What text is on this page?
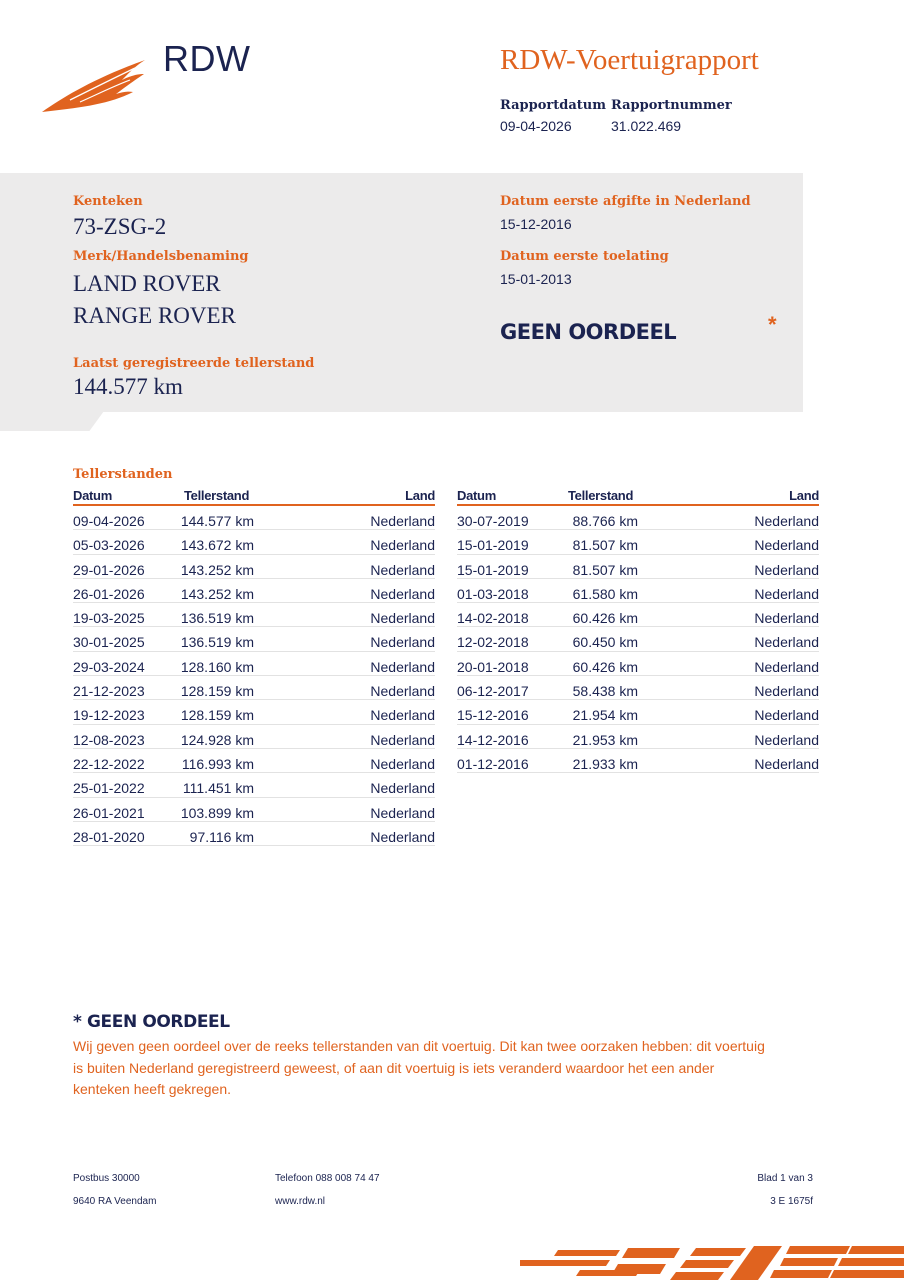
RDW	RDW-Voertuigrapport
Rapportdatum
09-04-2026
Rapportnummer
31.022.469
Kenteken
73-ZSG-2
Merk/Handelsbenaming
LAND ROVER
RANGE ROVER
Laatst geregistreerde tellerstand
144.577 km
Datum eerste afgifte in Nederland
15-12-2016
Datum eerste toelating
15-01-2013
GEEN OORDEEL	*
Tellerstanden
Datum	Tellerstand	Land
09-04-2026	144.577 km	Nederland
05-03-2026	143.672 km	Nederland
29-01-2026	143.252 km	Nederland
26-01-2026	143.252 km	Nederland
19-03-2025	136.519 km	Nederland
30-01-2025	136.519 km	Nederland
29-03-2024	128.160 km	Nederland
21-12-2023	128.159 km	Nederland
19-12-2023	128.159 km	Nederland
12-08-2023	124.928 km	Nederland
22-12-2022	116.993 km	Nederland
25-01-2022	111.451 km	Nederland
26-01-2021	103.899 km	Nederland
28-01-2020	97.116 km	Nederland
Datum	Tellerstand	Land
30-07-2019	88.766 km	Nederland
15-01-2019	81.507 km	Nederland
15-01-2019	81.507 km	Nederland
01-03-2018	61.580 km	Nederland
14-02-2018	60.426 km	Nederland
12-02-2018	60.450 km	Nederland
20-01-2018	60.426 km	Nederland
06-12-2017	58.438 km	Nederland
15-12-2016	21.954 km	Nederland
14-12-2016	21.953 km	Nederland
01-12-2016	21.933 km	Nederland
* GEEN OORDEEL
Wij geven geen oordeel over de reeks tellerstanden van dit voertuig. Dit kan twee oorzaken hebben: dit voertuig is buiten Nederland geregistreerd geweest, of aan dit voertuig is iets veranderd waardoor het een ander kenteken heeft gekregen.
Postbus 30000
9640 RA Veendam
Telefoon 088 008 74 47
www.rdw.nl
Blad 1 van 3
3 E 1675f
